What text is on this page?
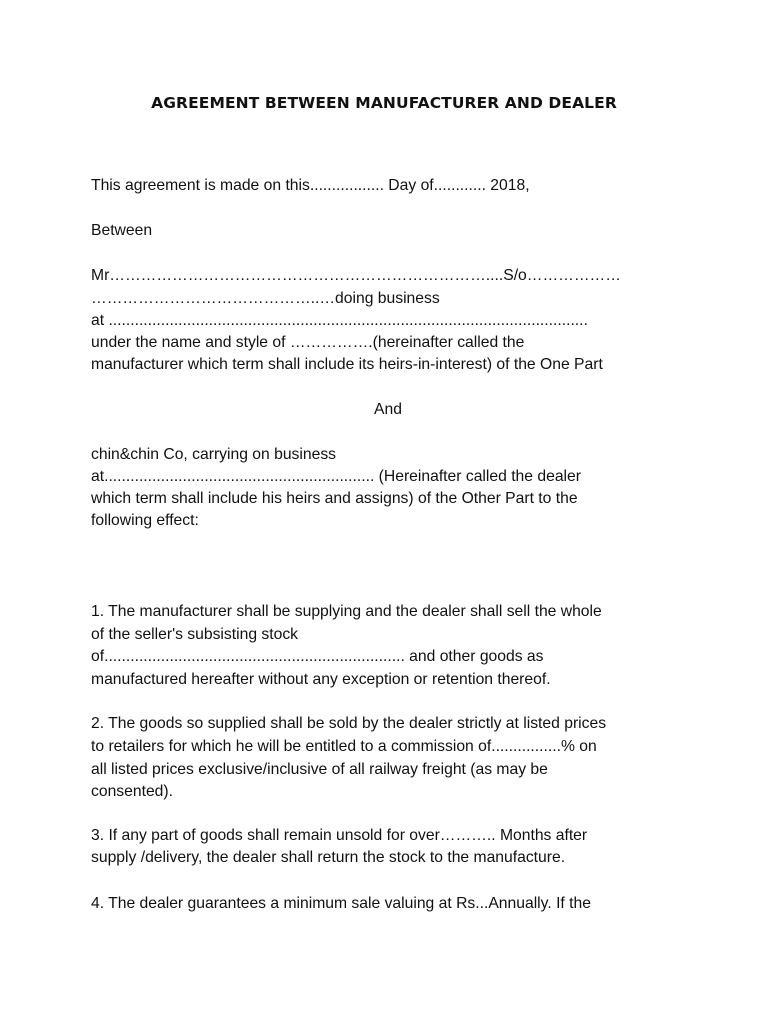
AGREEMENT BETWEEN MANUFACTURER AND DEALER
This agreement is made on this................. Day of............ 2018,
Between
Mr………………………………………………………………....S/o………………
……………………………………..…doing business
at ..............................................................................................................
under the name and style of …………….(hereinafter called the
manufacturer which term shall include its heirs-in-interest) of the One Part
And
chin&chin Co, carrying on business
at.............................................................. (Hereinafter called the dealer
which term shall include his heirs and assigns) of the Other Part to the
following effect:
1. The manufacturer shall be supplying and the dealer shall sell the whole
of the seller's subsisting stock
of..................................................................... and other goods as
manufactured hereafter without any exception or retention thereof.
2. The goods so supplied shall be sold by the dealer strictly at listed prices
to retailers for which he will be entitled to a commission of................% on
all listed prices exclusive/inclusive of all railway freight (as may be
consented).
3. If any part of goods shall remain unsold for over……….. Months after
supply /delivery, the dealer shall return the stock to the manufacture.
4. The dealer guarantees a minimum sale valuing at Rs...Annually. If the
